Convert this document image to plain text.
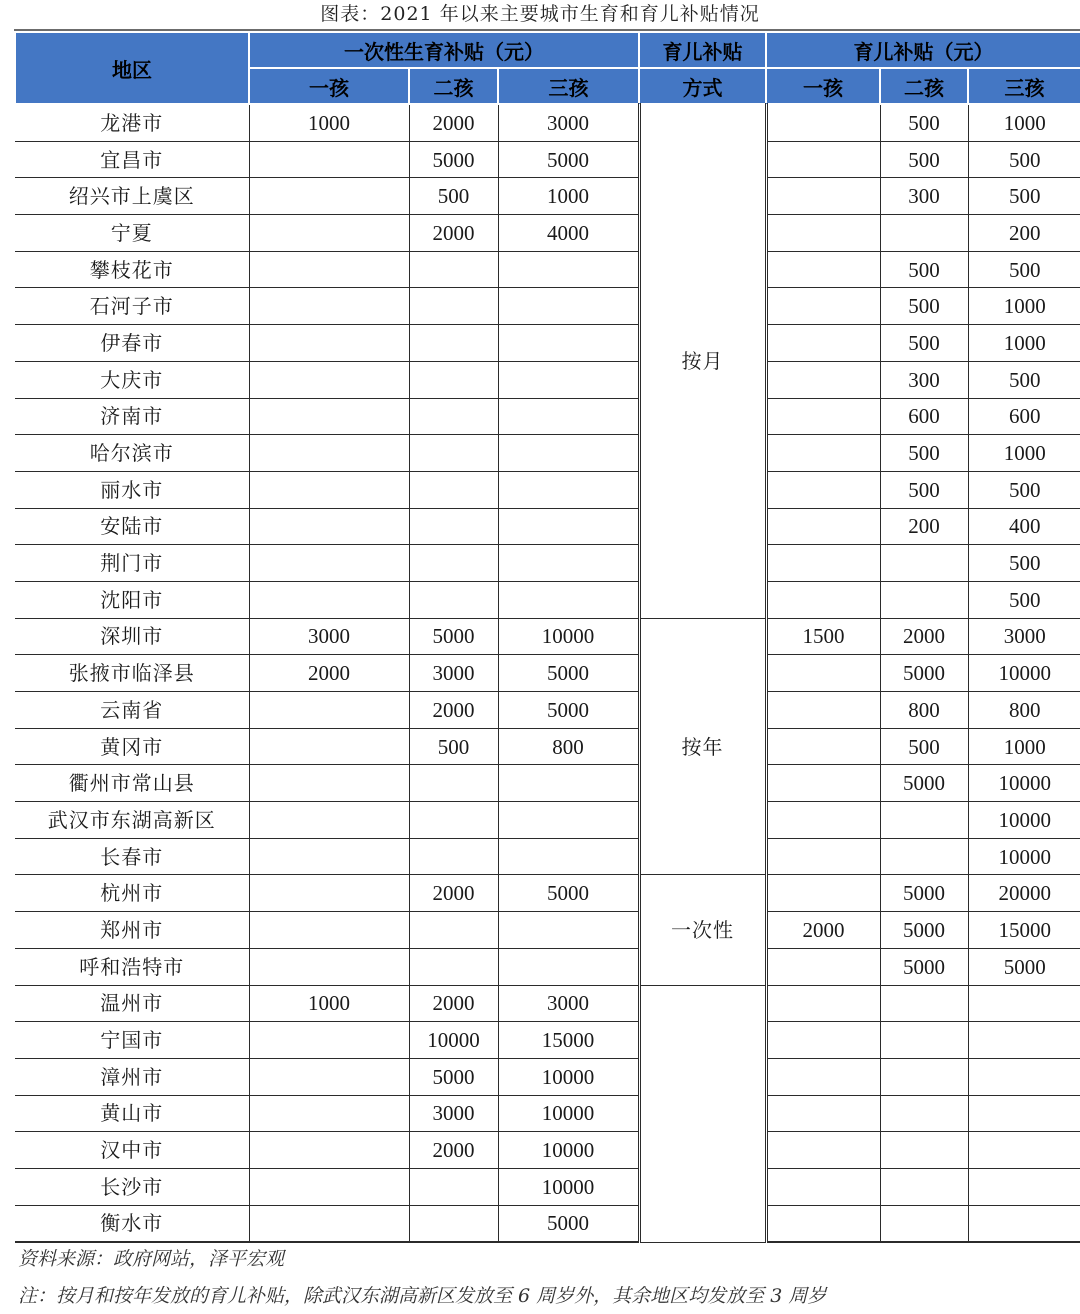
图表：2021 年以来主要城市生育和育儿补贴情况
地区	一次性生育补贴（元）			育儿补贴	育儿补贴（元）		
	一孩	二孩	三孩	方式	一孩	二孩	三孩
龙港市	1000	2000	3000	按月		500	1000
宜昌市		5000	5000			500	500
绍兴市上虞区		500	1000			300	500
宁夏		2000	4000				200
攀枝花市						500	500
石河子市						500	1000
伊春市						500	1000
大庆市						300	500
济南市						600	600
哈尔滨市						500	1000
丽水市						500	500
安陆市						200	400
荆门市							500
沈阳市							500
深圳市	3000	5000	10000	按年	1500	2000	3000
张掖市临泽县	2000	3000	5000			5000	10000
云南省		2000	5000			800	800
黄冈市		500	800			500	1000
衢州市常山县						5000	10000
武汉市东湖高新区							10000
长春市							10000
杭州市		2000	5000	一次性		5000	20000
郑州市					2000	5000	15000
呼和浩特市						5000	5000
温州市	1000	2000	3000				
宁国市		10000	15000				
漳州市		5000	10000				
黄山市		3000	10000				
汉中市		2000	10000				
长沙市			10000				
衡水市			5000				
资料来源：政府网站，泽平宏观
注：按月和按年发放的育儿补贴，除武汉东湖高新区发放至 6 周岁外，其余地区均发放至 3 周岁
